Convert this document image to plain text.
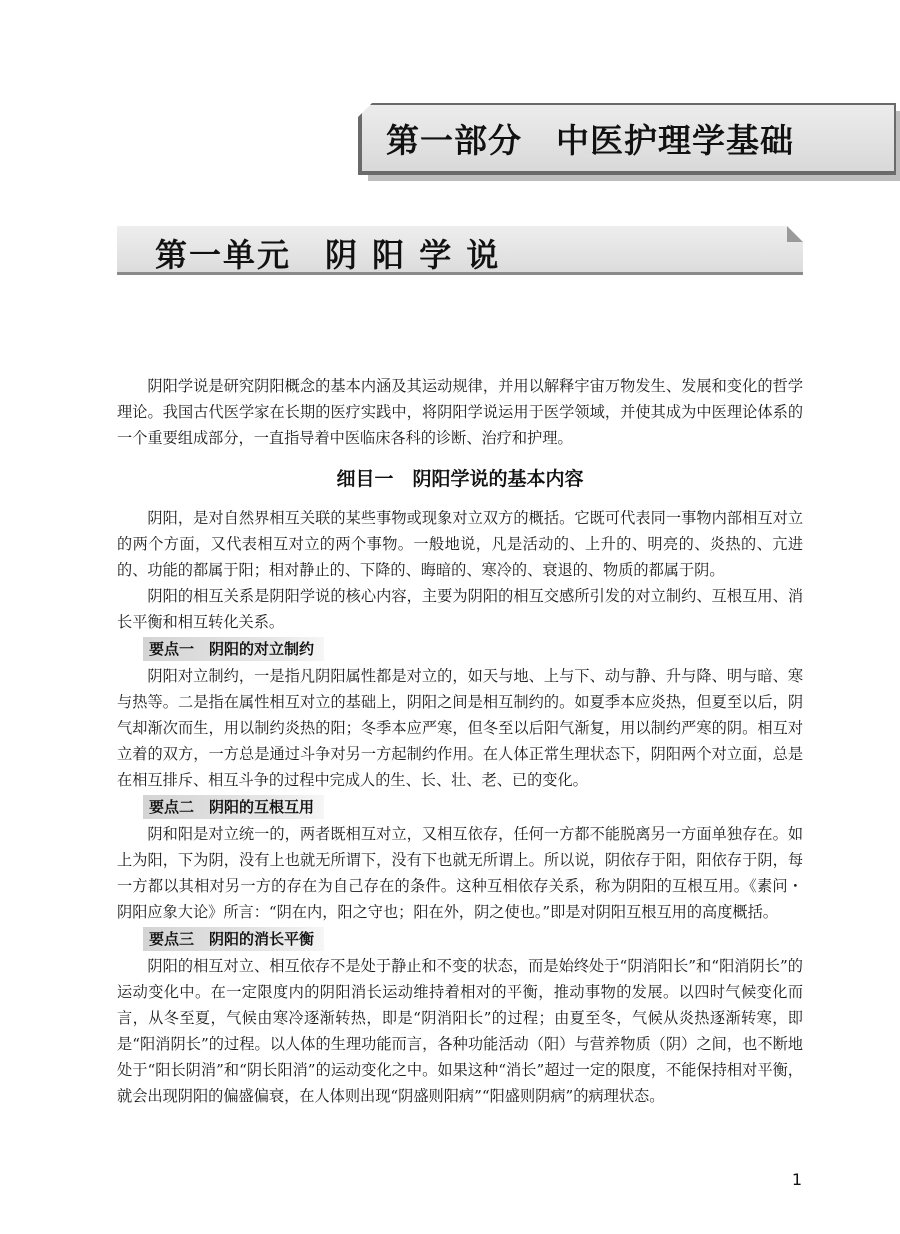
第一部分　中医护理学基础
第一单元　阴 阳 学 说

阴阳学说是研究阴阳概念的基本内涵及其运动规律，并用以解释宇宙万物发生、发展和变化的哲学理论。我国古代医学家在长期的医疗实践中，将阴阳学说运用于医学领域，并使其成为中医理论体系的一个重要组成部分，一直指导着中医临床各科的诊断、治疗和护理。

细目一　阴阳学说的基本内容

阴阳，是对自然界相互关联的某些事物或现象对立双方的概括。它既可代表同一事物内部相互对立的两个方面，又代表相互对立的两个事物。一般地说，凡是活动的、上升的、明亮的、炎热的、亢进的、功能的都属于阳；相对静止的、下降的、晦暗的、寒冷的、衰退的、物质的都属于阴。

阴阳的相互关系是阴阳学说的核心内容，主要为阴阳的相互交感所引发的对立制约、互根互用、消长平衡和相互转化关系。

要点一　阴阳的对立制约

阴阳对立制约，一是指凡阴阳属性都是对立的，如天与地、上与下、动与静、升与降、明与暗、寒与热等。二是指在属性相互对立的基础上，阴阳之间是相互制约的。如夏季本应炎热，但夏至以后，阴气却渐次而生，用以制约炎热的阳；冬季本应严寒，但冬至以后阳气渐复，用以制约严寒的阴。相互对立着的双方，一方总是通过斗争对另一方起制约作用。在人体正常生理状态下，阴阳两个对立面，总是在相互排斥、相互斗争的过程中完成人的生、长、壮、老、已的变化。

要点二　阴阳的互根互用

阴和阳是对立统一的，两者既相互对立，又相互依存，任何一方都不能脱离另一方面单独存在。如上为阳，下为阴，没有上也就无所谓下，没有下也就无所谓上。所以说，阴依存于阳，阳依存于阴，每一方都以其相对另一方的存在为自己存在的条件。这种互相依存关系，称为阴阳的互根互用。《素问・阴阳应象大论》所言：“阴在内，阳之守也；阳在外，阴之使也。”即是对阴阳互根互用的高度概括。

要点三　阴阳的消长平衡

阴阳的相互对立、相互依存不是处于静止和不变的状态，而是始终处于“阴消阳长”和“阳消阴长”的运动变化中。在一定限度内的阴阳消长运动维持着相对的平衡，推动事物的发展。以四时气候变化而言，从冬至夏，气候由寒冷逐渐转热，即是“阴消阳长”的过程；由夏至冬，气候从炎热逐渐转寒，即是“阳消阴长”的过程。以人体的生理功能而言，各种功能活动（阳）与营养物质（阴）之间，也不断地处于“阳长阴消”和“阴长阳消”的运动变化之中。如果这种“消长”超过一定的限度，不能保持相对平衡，就会出现阴阳的偏盛偏衰，在人体则出现“阴盛则阳病”“阳盛则阴病”的病理状态。

1
